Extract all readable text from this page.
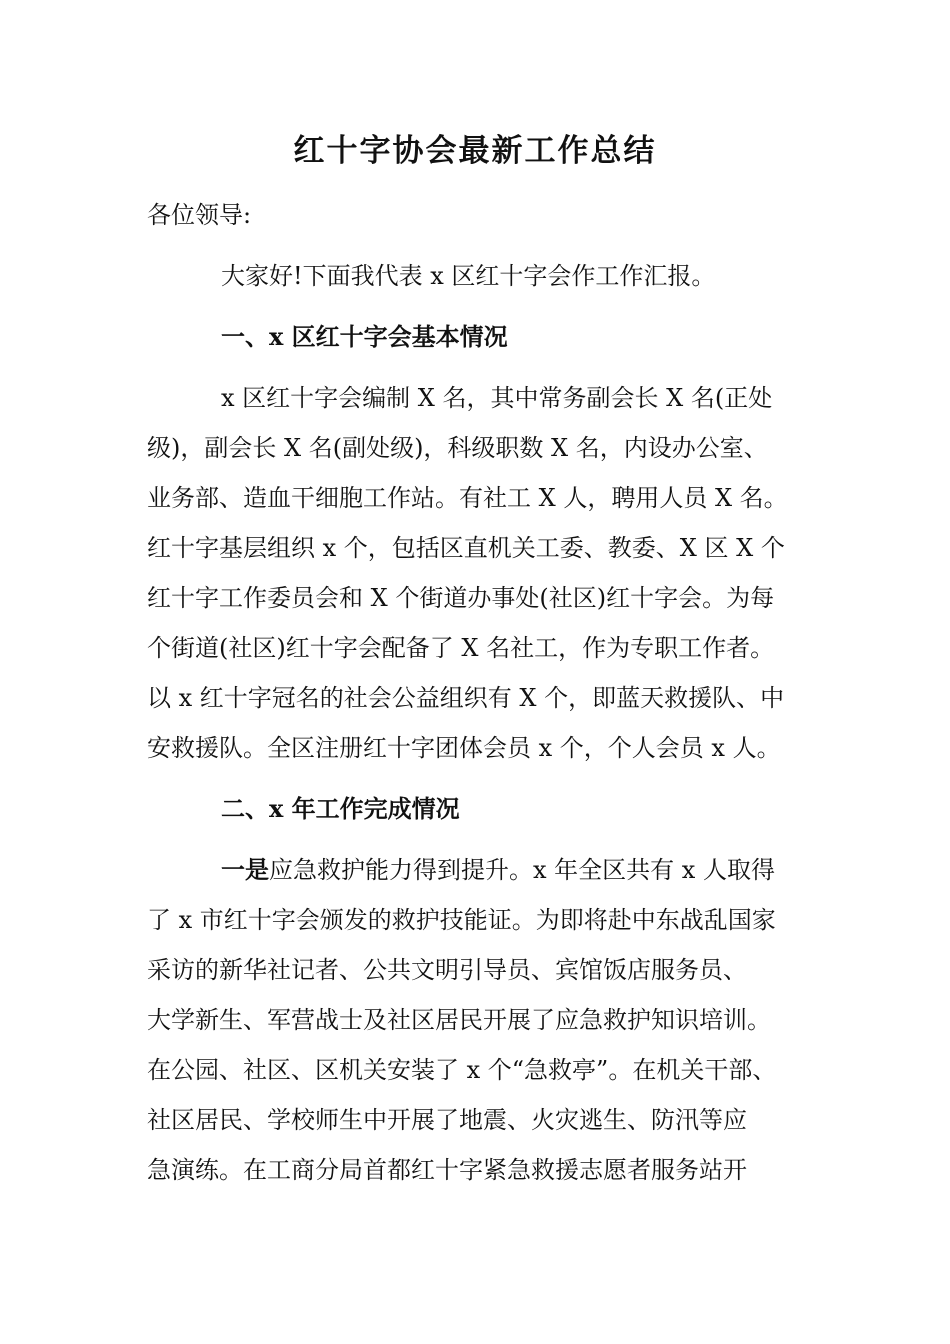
红十字协会最新工作总结

各位领导:

大家好!下面我代表 x 区红十字会作工作汇报。

一、x 区红十字会基本情况

x 区红十字会编制 X 名，其中常务副会长 X 名(正处

级)，副会长 X 名(副处级)，科级职数 X 名，内设办公室、

业务部、造血干细胞工作站。有社工 X 人，聘用人员 X 名。

红十字基层组织 x 个，包括区直机关工委、教委、X 区 X 个

红十字工作委员会和 X 个街道办事处(社区)红十字会。为每

个街道(社区)红十字会配备了 X 名社工，作为专职工作者。

以 x 红十字冠名的社会公益组织有 X 个，即蓝天救援队、中

安救援队。全区注册红十字团体会员 x 个，个人会员 x 人。

二、x 年工作完成情况

一是应急救护能力得到提升。x 年全区共有 x 人取得

了 x 市红十字会颁发的救护技能证。为即将赴中东战乱国家

采访的新华社记者、公共文明引导员、宾馆饭店服务员、

大学新生、军营战士及社区居民开展了应急救护知识培训。

在公园、社区、区机关安装了 x 个“急救亭”。在机关干部、

社区居民、学校师生中开展了地震、火灾逃生、防汛等应

急演练。在工商分局首都红十字紧急救援志愿者服务站开
